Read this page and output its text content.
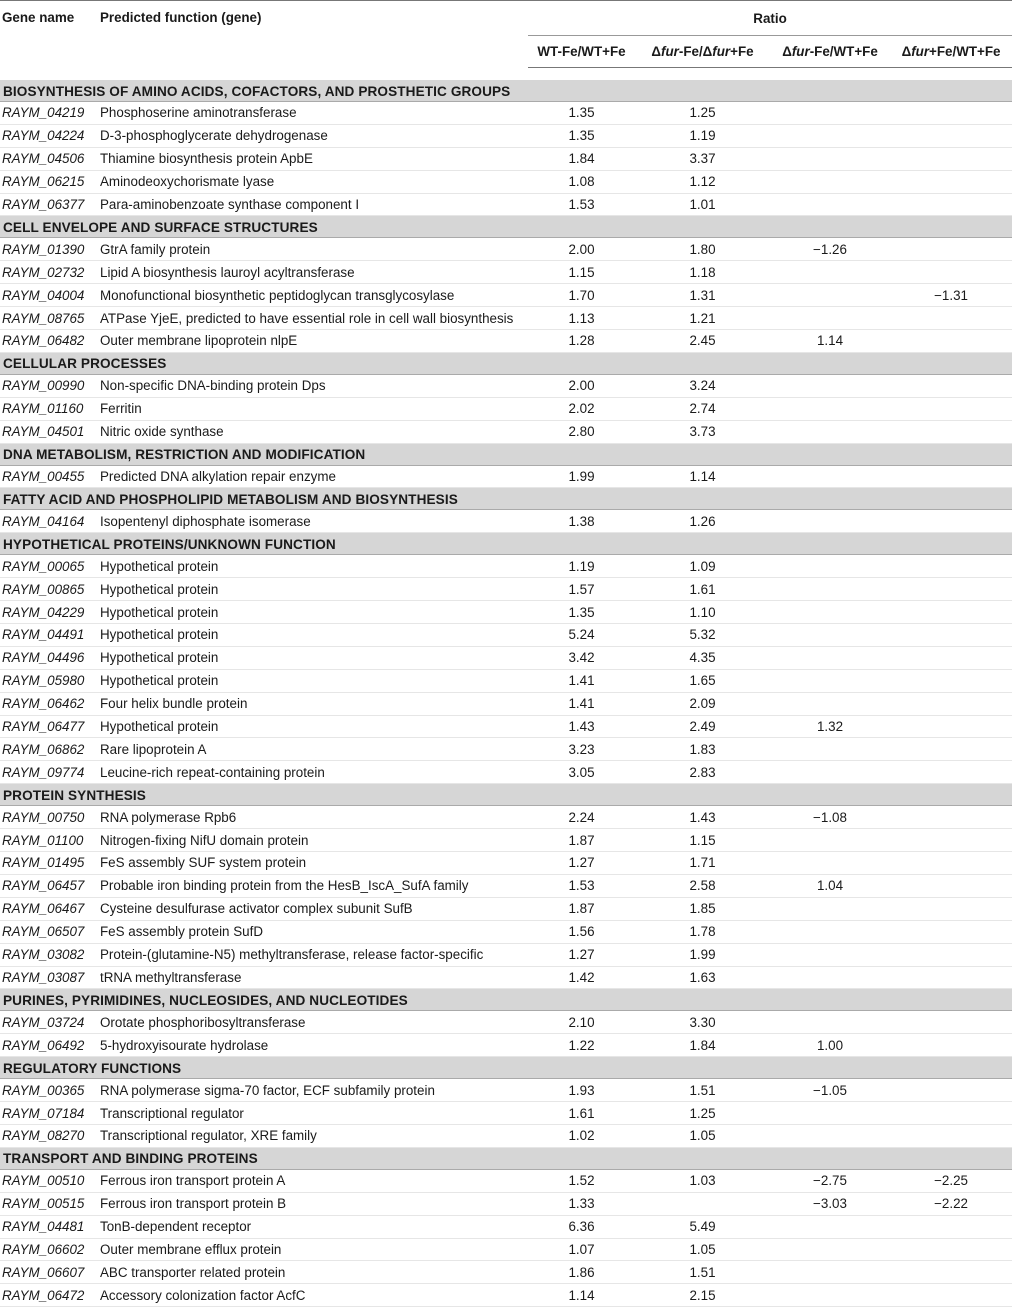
Gene name	Predicted function (gene)	Ratio			
		WT-Fe/WT+Fe	Δfur-Fe/Δfur+Fe	Δfur-Fe/WT+Fe	Δfur+Fe/WT+Fe

BIOSYNTHESIS OF AMINO ACIDS, COFACTORS, AND PROSTHETIC GROUPS					
RAYM_04219	Phosphoserine aminotransferase	1.35	1.25		
RAYM_04224	D-3-phosphoglycerate dehydrogenase	1.35	1.19		
RAYM_04506	Thiamine biosynthesis protein ApbE	1.84	3.37		
RAYM_06215	Aminodeoxychorismate lyase	1.08	1.12		
RAYM_06377	Para-aminobenzoate synthase component I	1.53	1.01		
CELL ENVELOPE AND SURFACE STRUCTURES					
RAYM_01390	GtrA family protein	2.00	1.80	−1.26	
RAYM_02732	Lipid A biosynthesis lauroyl acyltransferase	1.15	1.18		
RAYM_04004	Monofunctional biosynthetic peptidoglycan transglycosylase	1.70	1.31		−1.31
RAYM_08765	ATPase YjeE, predicted to have essential role in cell wall biosynthesis	1.13	1.21		
RAYM_06482	Outer membrane lipoprotein nlpE	1.28	2.45	1.14	
CELLULAR PROCESSES					
RAYM_00990	Non-specific DNA-binding protein Dps	2.00	3.24		
RAYM_01160	Ferritin	2.02	2.74		
RAYM_04501	Nitric oxide synthase	2.80	3.73		
DNA METABOLISM, RESTRICTION AND MODIFICATION					
RAYM_00455	Predicted DNA alkylation repair enzyme	1.99	1.14		
FATTY ACID AND PHOSPHOLIPID METABOLISM AND BIOSYNTHESIS					
RAYM_04164	Isopentenyl diphosphate isomerase	1.38	1.26		
HYPOTHETICAL PROTEINS/UNKNOWN FUNCTION					
RAYM_00065	Hypothetical protein	1.19	1.09		
RAYM_00865	Hypothetical protein	1.57	1.61		
RAYM_04229	Hypothetical protein	1.35	1.10		
RAYM_04491	Hypothetical protein	5.24	5.32		
RAYM_04496	Hypothetical protein	3.42	4.35		
RAYM_05980	Hypothetical protein	1.41	1.65		
RAYM_06462	Four helix bundle protein	1.41	2.09		
RAYM_06477	Hypothetical protein	1.43	2.49	1.32	
RAYM_06862	Rare lipoprotein A	3.23	1.83		
RAYM_09774	Leucine-rich repeat-containing protein	3.05	2.83		
PROTEIN SYNTHESIS					
RAYM_00750	RNA polymerase Rpb6	2.24	1.43	−1.08	
RAYM_01100	Nitrogen-fixing NifU domain protein	1.87	1.15		
RAYM_01495	FeS assembly SUF system protein	1.27	1.71		
RAYM_06457	Probable iron binding protein from the HesB_IscA_SufA family	1.53	2.58	1.04	
RAYM_06467	Cysteine desulfurase activator complex subunit SufB	1.87	1.85		
RAYM_06507	FeS assembly protein SufD	1.56	1.78		
RAYM_03082	Protein-(glutamine-N5) methyltransferase, release factor-specific	1.27	1.99		
RAYM_03087	tRNA methyltransferase	1.42	1.63		
PURINES, PYRIMIDINES, NUCLEOSIDES, AND NUCLEOTIDES					
RAYM_03724	Orotate phosphoribosyltransferase	2.10	3.30		
RAYM_06492	5-hydroxyisourate hydrolase	1.22	1.84	1.00	
REGULATORY FUNCTIONS					
RAYM_00365	RNA polymerase sigma-70 factor, ECF subfamily protein	1.93	1.51	−1.05	
RAYM_07184	Transcriptional regulator	1.61	1.25		
RAYM_08270	Transcriptional regulator, XRE family	1.02	1.05		
TRANSPORT AND BINDING PROTEINS					
RAYM_00510	Ferrous iron transport protein A	1.52	1.03	−2.75	−2.25
RAYM_00515	Ferrous iron transport protein B	1.33		−3.03	−2.22
RAYM_04481	TonB-dependent receptor	6.36	5.49		
RAYM_06602	Outer membrane efflux protein	1.07	1.05		
RAYM_06607	ABC transporter related protein	1.86	1.51		
RAYM_06472	Accessory colonization factor AcfC	1.14	2.15		
